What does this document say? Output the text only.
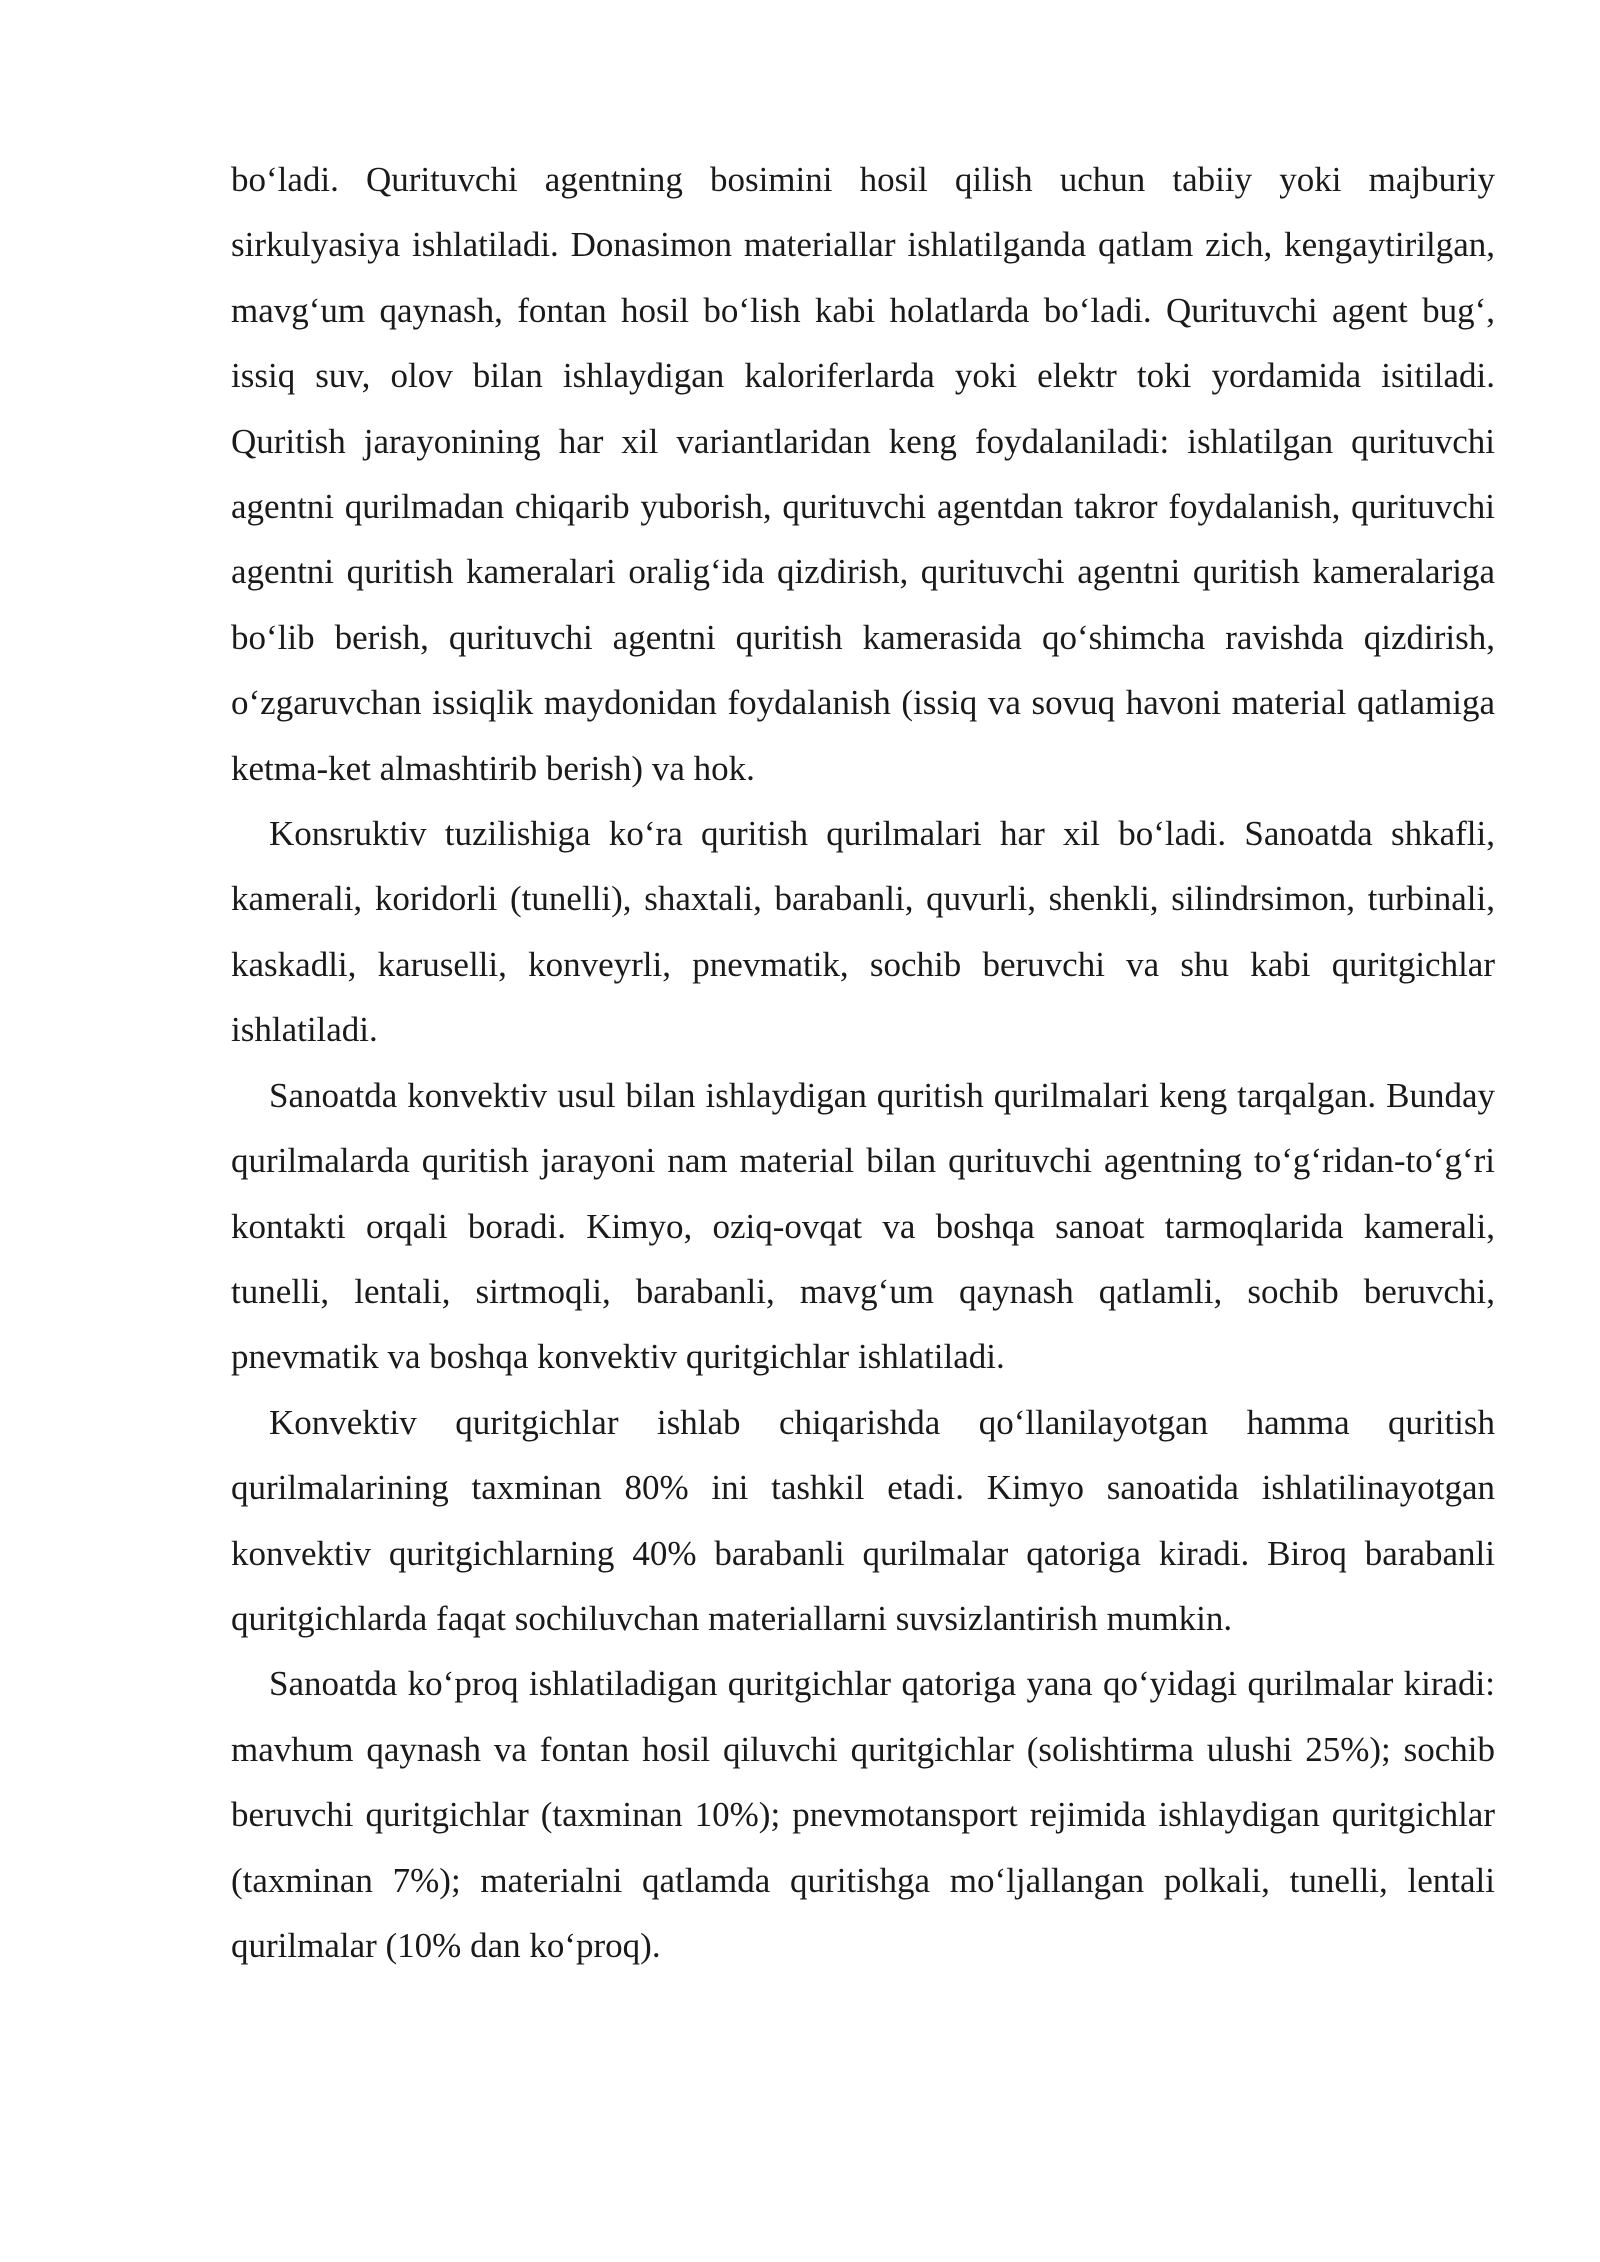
bo‘ladi. Qurituvchi agentning bosimini hosil qilish uchun tabiiy yoki majburiy sirkulyasiya ishlatiladi. Donasimon materiallar ishlatilganda qatlam zich, kengaytirilgan, mavg‘um qaynash, fontan hosil bo‘lish kabi holatlarda bo‘ladi. Qurituvchi agent bug‘, issiq suv, olov bilan ishlaydigan kaloriferlarda yoki elektr toki yordamida isitiladi. Quritish jarayonining har xil variantlaridan keng foydalaniladi: ishlatilgan qurituvchi agentni qurilmadan chiqarib yuborish, qurituvchi agentdan takror foydalanish, qurituvchi agentni quritish kameralari oralig‘ida qizdirish, qurituvchi agentni quritish kameralariga bo‘lib berish, qurituvchi agentni quritish kamerasida qo‘shimcha ravishda qizdirish, o‘zgaruvchan issiqlik maydonidan foydalanish (issiq va sovuq havoni material qatlamiga ketma-ket almashtirib berish) va hok.

Konsruktiv tuzilishiga ko‘ra quritish qurilmalari har xil bo‘ladi. Sanoatda shkafli, kamerali, koridorli (tunelli), shaxtali, barabanli, quvurli, shenkli, silindrsimon, turbinali, kaskadli, karuselli, konveyrli, pnevmatik, sochib beruvchi va shu kabi quritgichlar ishlatiladi.

Sanoatda konvektiv usul bilan ishlaydigan quritish qurilmalari keng tarqalgan. Bunday qurilmalarda quritish jarayoni nam material bilan qurituvchi agentning to‘g‘ridan-to‘g‘ri kontakti orqali boradi. Kimyo, oziq-ovqat va boshqa sanoat tarmoqlarida kamerali, tunelli, lentali, sirtmoqli, barabanli, mavg‘um qaynash qatlamli, sochib beruvchi, pnevmatik va boshqa konvektiv quritgichlar ishlatiladi.

Konvektiv quritgichlar ishlab chiqarishda qo‘llanilayotgan hamma quritish qurilmalarining taxminan 80% ini tashkil etadi. Kimyo sanoatida ishlatilinayotgan konvektiv quritgichlarning 40% barabanli qurilmalar qatoriga kiradi. Biroq barabanli quritgichlarda faqat sochiluvchan materiallarni suvsizlantirish mumkin.

Sanoatda ko‘proq ishlatiladigan quritgichlar qatoriga yana qo‘yidagi qurilmalar kiradi: mavhum qaynash va fontan hosil qiluvchi quritgichlar (solishtirma ulushi 25%); sochib beruvchi quritgichlar (taxminan 10%); pnevmotansport rejimida ishlaydigan quritgichlar (taxminan 7%); materialni qatlamda quritishga mo‘ljallangan polkali, tunelli, lentali qurilmalar (10% dan ko‘proq).
